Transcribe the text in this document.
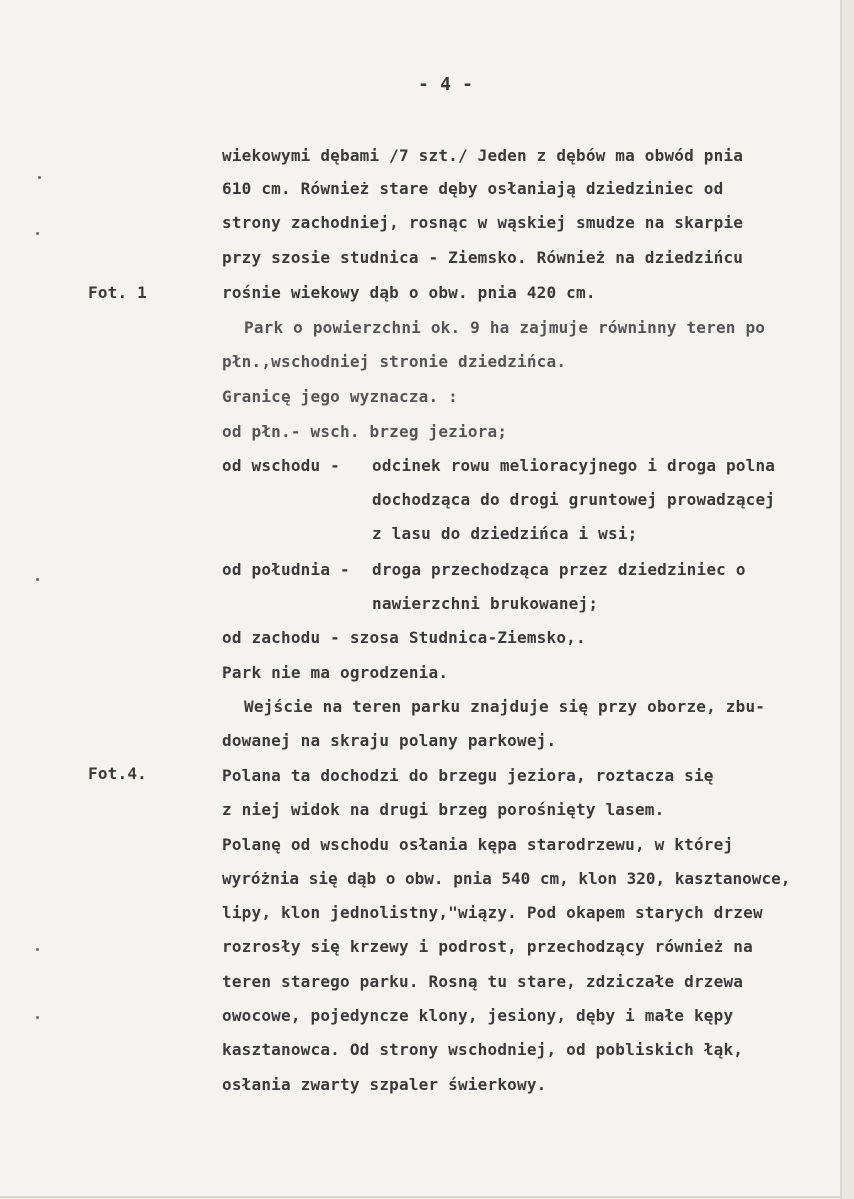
- 4 -
Fot. 1
Fot.4.
wiekowymi dębami /7 szt./ Jeden z dębów ma obwód pnia
610 cm. Również stare dęby osłaniają dziedziniec od
strony zachodniej, rosnąc w wąskiej smudze na skarpie
przy szosie studnica - Ziemsko. Również na dziedzińcu
rośnie wiekowy dąb o obw. pnia 420 cm.
Park o powierzchni ok. 9 ha zajmuje równinny teren po
płn.,wschodniej stronie dziedzińca.
Granicę jego wyznacza. :
od płn.- wsch. brzeg jeziora;
od wschodu - odcinek rowu melioracyjnego i droga polna
dochodząca do drogi gruntowej prowadzącej
z lasu do dziedzińca i wsi;
od południa - droga przechodząca przez dziedziniec o
nawierzchni brukowanej;
od zachodu - szosa Studnica-Ziemsko,.
Park nie ma ogrodzenia.
Wejście na teren parku znajduje się przy oborze, zbu-
dowanej na skraju polany parkowej.
Polana ta dochodzi do brzegu jeziora, roztacza się
z niej widok na drugi brzeg porośnięty lasem.
Polanę od wschodu osłania kępa starodrzewu, w której
wyróżnia się dąb o obw. pnia 540 cm, klon 320, kasztanowce,
lipy, klon jednolistny,"wiązy. Pod okapem starych drzew
rozrosły się krzewy i podrost, przechodzący również na
teren starego parku. Rosną tu stare, zdziczałe drzewa
owocowe, pojedyncze klony, jesiony, dęby i małe kępy
kasztanowca. Od strony wschodniej, od pobliskich łąk,
osłania zwarty szpaler świerkowy.
